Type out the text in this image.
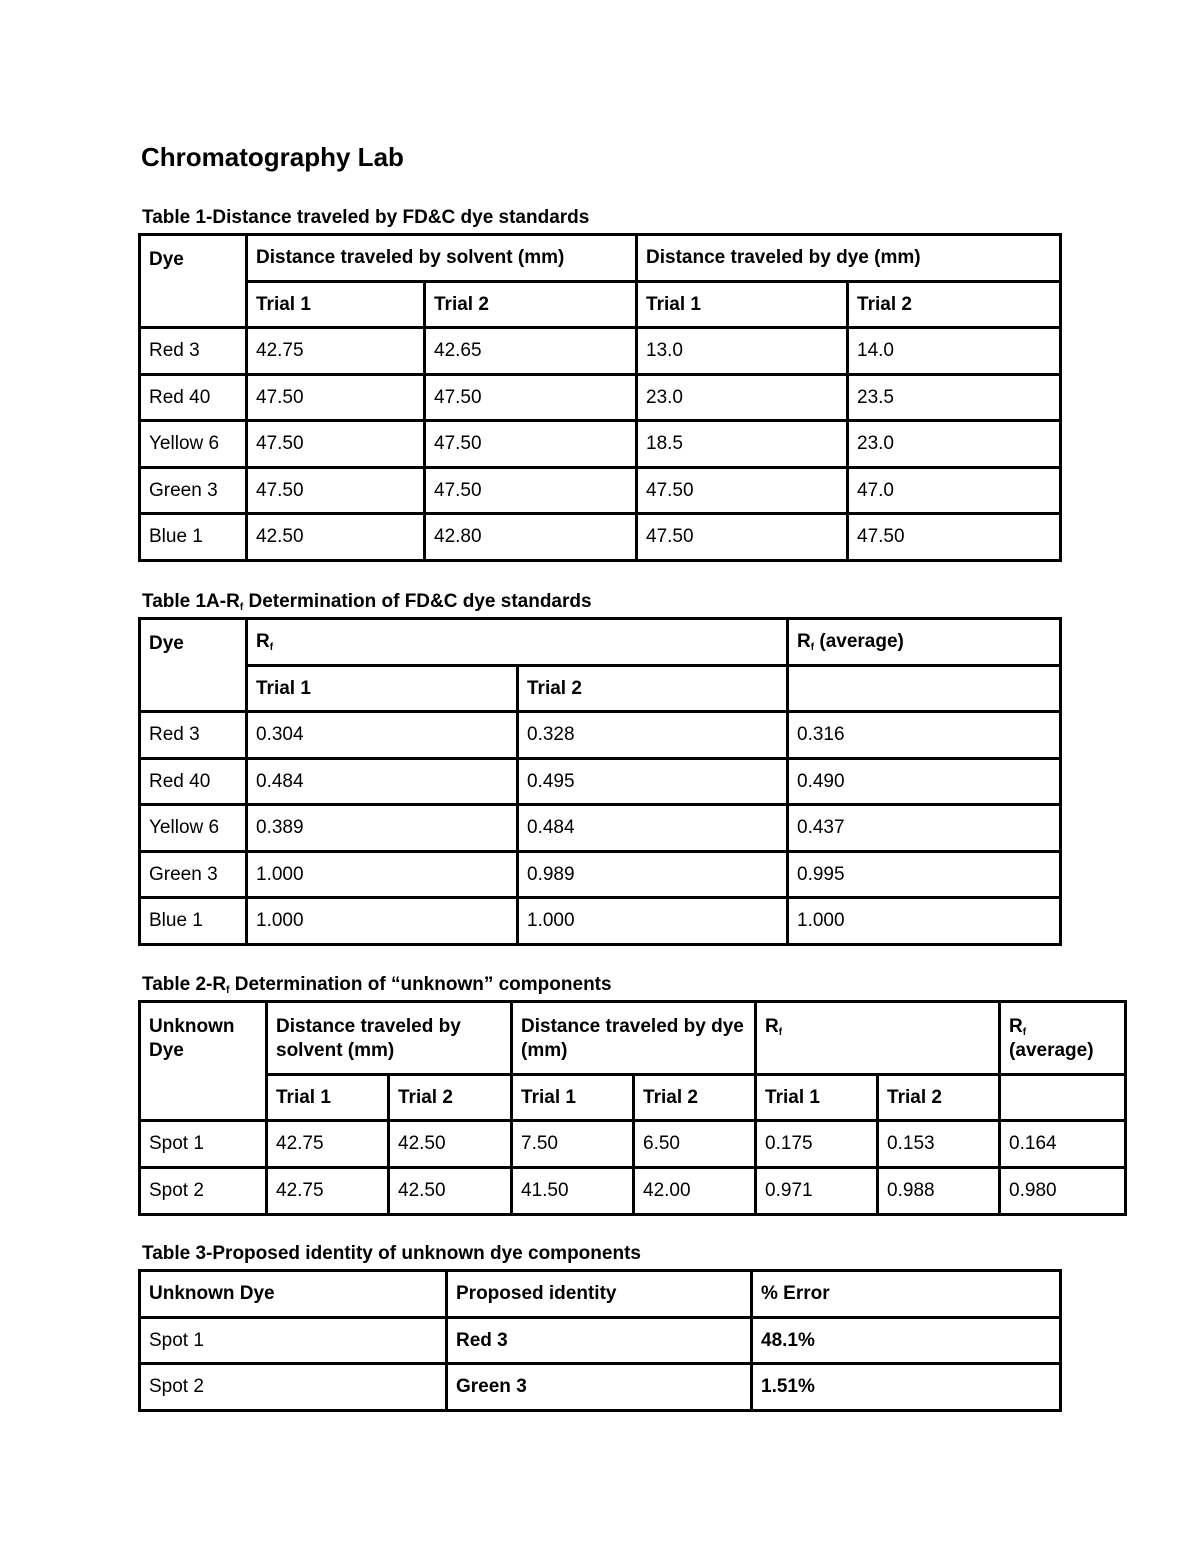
Chromatography Lab

Table 1-Distance traveled by FD&C dye standards

Dye	Distance traveled by solvent (mm)		Distance traveled by dye (mm)	
	Trial 1	Trial 2	Trial 1	Trial 2
Red 3	42.75	42.65	13.0	14.0
Red 40	47.50	47.50	23.0	23.5
Yellow 6	47.50	47.50	18.5	23.0
Green 3	47.50	47.50	47.50	47.0
Blue 1	42.50	42.80	47.50	47.50

Table $1A-R_f$ Determination of FD&C dye standards

Dye	$R_f$		$R_f$ (average)
	Trial 1	Trial 2	
Red 3	0.304	0.328	0.316
Red 40	0.484	0.495	0.490
Yellow 6	0.389	0.484	0.437
Green 3	1.000	0.989	0.995
Blue 1	1.000	1.000	1.000

Table $2-R_f$ Determination of “unknown” components

Unknown Dye	Distance traveled by solvent (mm)		Distance traveled by dye (mm)		$R_f$		$R_f$
(average)
	Trial 1	Trial 2	Trial 1	Trial 2	Trial 1	Trial 2	
Spot 1	42.75	42.50	7.50	6.50	0.175	0.153	0.164
Spot 2	42.75	42.50	41.50	42.00	0.971	0.988	0.980

Table 3-Proposed identity of unknown dye components

Unknown Dye	Proposed identity	% Error
Spot 1	Red 3	48.1%
Spot 2	Green 3	1.51%
